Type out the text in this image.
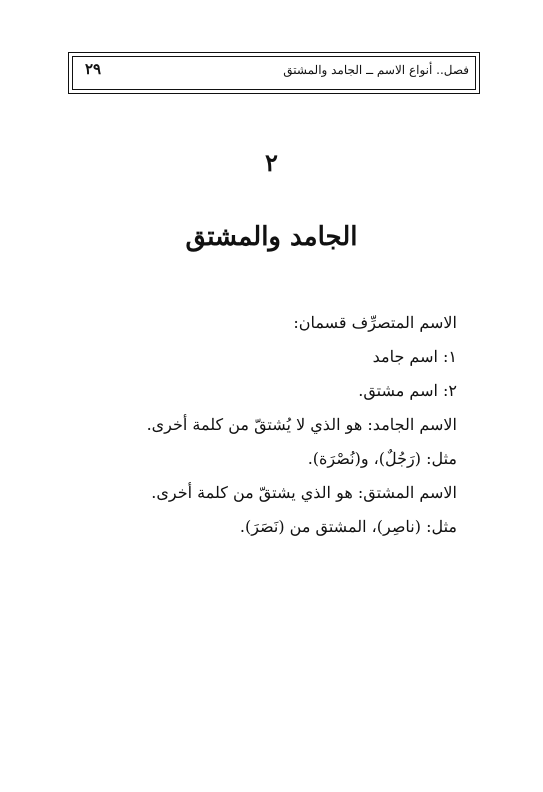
فصل.. أنواع الاسم ــ الجامد والمشتق
٢٩
٢
الجامد والمشتق
الاسم المتصرِّف قسمان:
١: اسم جامد
٢: اسم مشتق.
الاسم الجامد: هو الذي لا يُشتقّ من كلمة أخرى.
مثل: (رَجُلٌ)، و(نُصْرَة).
الاسم المشتق: هو الذي يشتقّ من كلمة أخرى.
مثل: (ناصِر)، المشتق من (نَصَرَ).
